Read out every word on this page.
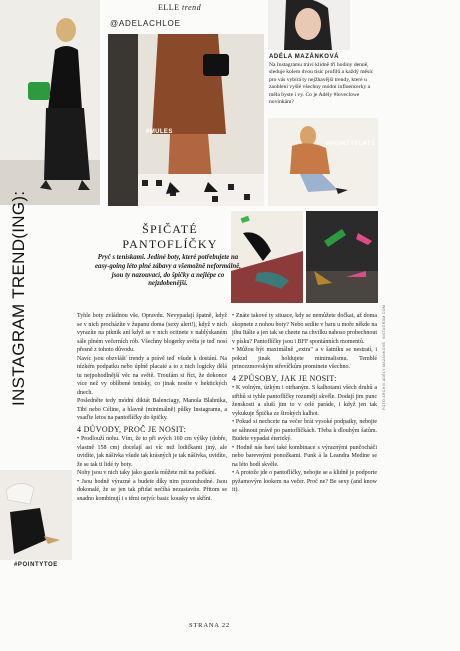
ELLE trend
@ADELACHLOE
#MULES
ADÉLA MAZÁNKOVÁ
Na Instagramu tráví klidně tři hodiny denně, sleduje kolem dvou tisíc profilů a každý měsíc pro vás vybírá ty nejžhavější trendy, které u zaoblení vyšlé všechny módní influencerky a měla byste i vy. Co je Adély #loveclowe novinkám?
#POINTYFLATS
INSTAGRAM TREND(ING):	ŠPIČATÉ
PANTOFLÍČKY
Pryč s teniskami. Jediné boty, které potřebujete na easy-going léto plné zábavy a všemožně neformálně, jsou ty nazouvací, do špičky a nejlépe co nejzdobenější.

Tyhle boty zvládnou vše. Opravdu. Nevypadají špatně, když se v nich procházíte v županu doma (sexy alert!), když v nich vyrazíte na piknik ani když se v nich ocitnete v nablýskaném sále plném večerních rób. Všechny blogerky světa je teď nosí přesně z tohoto důvodu.

Navíc jsou obzvlášť trendy a právě teď všude k dostání. Na nízkém podpatku nebo úplně placaté a to z nich logicky dělá tu nejpohodlnější věc na světě. Troufám si říct, že dokonce více než vy oblíbené tenisky, co jinak nosíte v hektických dnech.

Posledněte tedy módní diktát Balenciagy, Manola Blahnika, Tibi nebo Céline, a hlavně (minimálně) půlky Instagramu, a vsaďte letos na pantoflíčky do špičky.

4 DŮVODY, PROČ JE NOSIT:

• Prodlouží nohu. Vím, že to při svých 160 cm výšky (dobře, vlastně 158 cm) docelají asi víc než lodičkami jiný, ale uvidíte, jak nášivka všude tak krásných je tak nášivka, uvidíte, že se tak ti lidé ty boty.

Nohy jsou v nich taky jako gazela můžete mít na počkání.

• Jsou hodně výrazné a budete díky nim pozoruhodné. Jsou dokonalé, že se jen tak přidat nečíhá nezastavíte. Přitom se snadno kombinují i s těmi nejvíc basic kousky ve skříni.

• Znáte takové ty situace, kdy se nemůžete dočkat, až doma skopnete z nohou boty? Nebo sedíte v baru u moře někde na jihu Itálie a jen tak se cheete na chvilku nahoso probechnout v písku? Pantoflíčky jsou i BFF spontánních momentů.

• Můžou být maximálně „extra" a v šatníku se nestratí, i pokud jinak holdujete minimalismu. Temblé princezmovským střevíčkům prominete všechno.

4 ZPŮSOBY, JAK JE NOSIT:

• K volným, úzkým i otrhaným. S kalhotami všech druhů a střihů si tyhle pantoflíčky rozumějí skvěle. Dodají jim punc ženskosti a sluší jim to v celé paráde, i když jen tak vykukuje Špička ze širokých kalhot.

• Pokud si nechcete na večer brát vysoké podpatky, nebojte se sáhnout právě po pantoflíčkách. Třeba k dlouhým šatům. Budete vypadat éterický.

• Hodně nás baví také kombinace s výraznými punčocháči nebo barevnými ponožkami. Funk á la Leandra Medine se na léto hodí skvěle.

• A protože jde o pantoflíčky, nebojte se a klidně je podporte pyžamovým lookem na večer. Proč ne? Be sexy (and know it).

#POINTYTOE
FOTO ARCHIV ADÉLY MAZÁNKOVÉ, INSTAGRAM.COM
STRANA 22
